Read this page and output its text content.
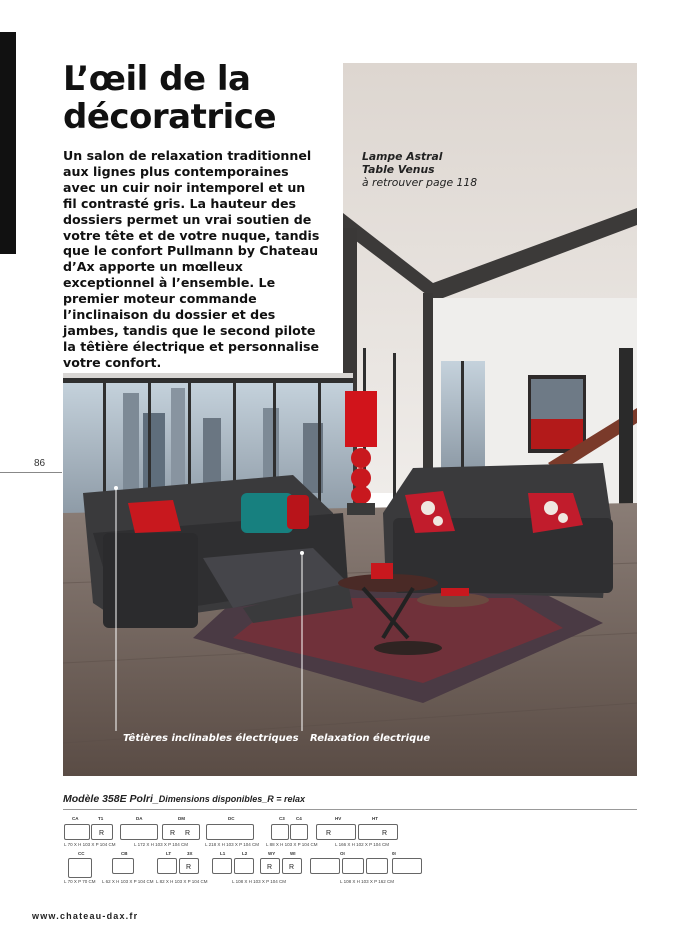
86
L’œil de la
décoratrice
Un salon de relaxation traditionnel aux lignes plus contemporaines avec un cuir noir intemporel et un fil contrasté gris. La hauteur des dossiers permet un vrai soutien de votre tête et de votre nuque, tandis que le confort Pullmann by Chateau d’Ax apporte un mœlleux exceptionnel à l’ensemble. Le premier moteur commande l’inclinaison du dossier et des jambes, tandis que le second pilote la têtière électrique et personnalise votre confort.
Lampe Astral
Table Venus
à retrouver page 118
Têtières inclinables électriques Relaxation électrique
Modèle 358E Polri_Dimensions disponibles_R = relax
CA	T1
R
L 70 X H 103 X P 104 CM
DA	DM
R R
L 172 X H 103 X P 104 CM
DC
L 218 X H 103 X P 104 CM
C3 C4
L 88 X H 103 X P 104 CM
HV	HT
R	R
L 166 X H 102 X P 104 CM
CC
L 70 X P 70 CM
CB
L 62 X H 103 X P 104 CM
LT	3X
R
L 82 X H 103 X P 104 CM
L1	L2
L 108 X H 103 X P 104 CM
WY	WI
R R
OI	0I
L 108 X H 103 X P 162 CM
www.chateau-dax.fr
